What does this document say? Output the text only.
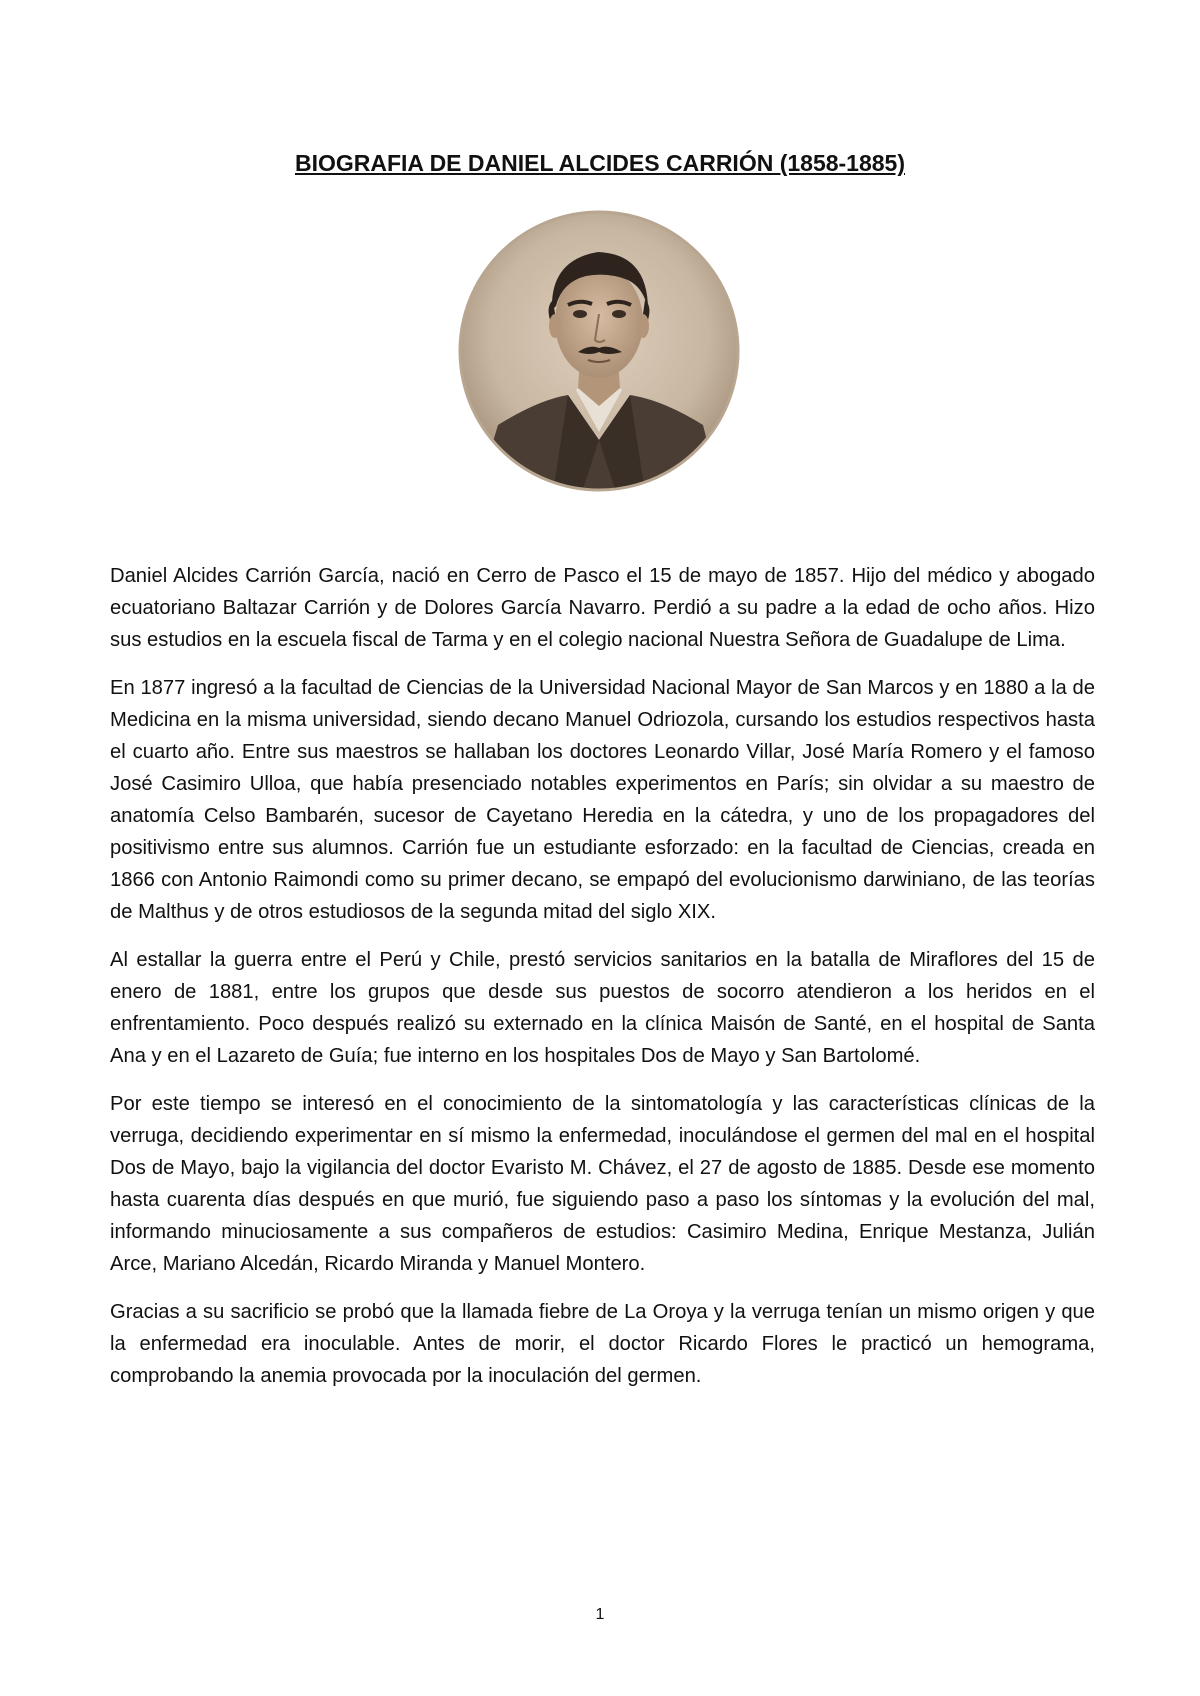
BIOGRAFIA DE DANIEL ALCIDES CARRIÓN (1858-1885)

Daniel Alcides Carrión García, nació en Cerro de Pasco el 15 de mayo de 1857. Hijo del médico y abogado ecuatoriano Baltazar Carrión y de Dolores García Navarro. Perdió a su padre a la edad de ocho años. Hizo sus estudios en la escuela fiscal de Tarma y en el colegio nacional Nuestra Señora de Guadalupe de Lima.

En 1877 ingresó a la facultad de Ciencias de la Universidad Nacional Mayor de San Marcos y en 1880 a la de Medicina en la misma universidad, siendo decano Manuel Odriozola, cursando los estudios respectivos hasta el cuarto año. Entre sus maestros se hallaban los doctores Leonardo Villar, José María Romero y el famoso José Casimiro Ulloa, que había presenciado notables experimentos en París; sin olvidar a su maestro de anatomía Celso Bambarén, sucesor de Cayetano Heredia en la cátedra, y uno de los propagadores del positivismo entre sus alumnos. Carrión fue un estudiante esforzado: en la facultad de Ciencias, creada en 1866 con Antonio Raimondi como su primer decano, se empapó del evolucionismo darwiniano, de las teorías de Malthus y de otros estudiosos de la segunda mitad del siglo XIX.

Al estallar la guerra entre el Perú y Chile, prestó servicios sanitarios en la batalla de Miraflores del 15 de enero de 1881, entre los grupos que desde sus puestos de socorro atendieron a los heridos en el enfrentamiento. Poco después realizó su externado en la clínica Maisón de Santé, en el hospital de Santa Ana y en el Lazareto de Guía; fue interno en los hospitales Dos de Mayo y San Bartolomé.

Por este tiempo se interesó en el conocimiento de la sintomatología y las características clínicas de la verruga, decidiendo experimentar en sí mismo la enfermedad, inoculándose el germen del mal en el hospital Dos de Mayo, bajo la vigilancia del doctor Evaristo M. Chávez, el 27 de agosto de 1885. Desde ese momento hasta cuarenta días después en que murió, fue siguiendo paso a paso los síntomas y la evolución del mal, informando minuciosamente a sus compañeros de estudios: Casimiro Medina, Enrique Mestanza, Julián Arce, Mariano Alcedán, Ricardo Miranda y Manuel Montero.

Gracias a su sacrificio se probó que la llamada fiebre de La Oroya y la verruga tenían un mismo origen y que la enfermedad era inoculable. Antes de morir, el doctor Ricardo Flores le practicó un hemograma, comprobando la anemia provocada por la inoculación del germen.

1
